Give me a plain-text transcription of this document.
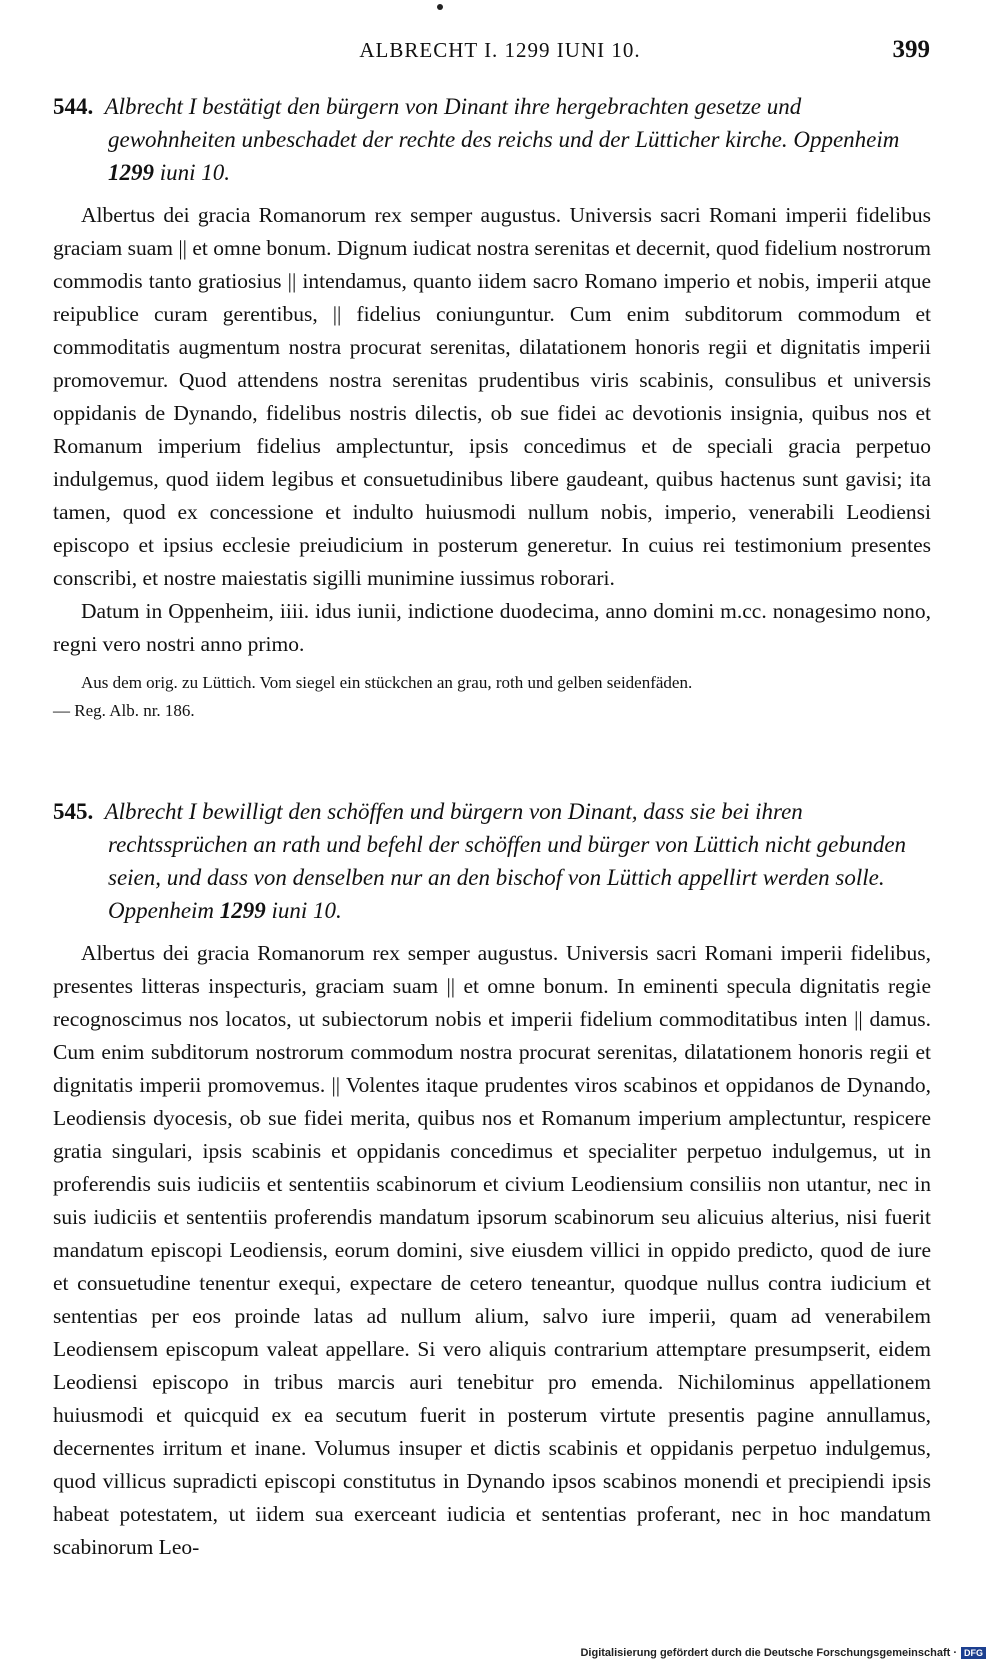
ALBRECHT I. 1299 IUNI 10.	399

544. Albrecht I bestätigt den bürgern von Dinant ihre hergebrachten gesetze und gewohnheiten unbeschadet der rechte des reichs und der Lütticher kirche. Oppenheim 1299 iuni 10.

Albertus dei gracia Romanorum rex semper augustus. Universis sacri Romani imperii fidelibus graciam suam || et omne bonum. Dignum iudicat nostra serenitas et decernit, quod fidelium nostrorum commodis tanto gratiosius || intendamus, quanto iidem sacro Romano imperio et nobis, imperii atque reipublice curam gerentibus, || fidelius coniunguntur. Cum enim subditorum commodum et commoditatis augmentum nostra procurat serenitas, dilatationem honoris regii et dignitatis imperii promovemur. Quod attendens nostra serenitas prudentibus viris scabinis, consulibus et universis oppidanis de Dynando, fidelibus nostris dilectis, ob sue fidei ac devotionis insignia, quibus nos et Romanum imperium fidelius amplectuntur, ipsis concedimus et de speciali gracia perpetuo indulgemus, quod iidem legibus et consuetudinibus libere gaudeant, quibus hactenus sunt gavisi; ita tamen, quod ex concessione et indulto huiusmodi nullum nobis, imperio, venerabili Leodiensi episcopo et ipsius ecclesie preiudicium in posterum generetur. In cuius rei testimonium presentes conscribi, et nostre maiestatis sigilli munimine iussimus roborari.

Datum in Oppenheim, iiii. idus iunii, indictione duodecima, anno domini m.cc. nonagesimo nono, regni vero nostri anno primo.

Aus dem orig. zu Lüttich. Vom siegel ein stückchen an grau, roth und gelben seidenfäden.

— Reg. Alb. nr. 186.

545. Albrecht I bewilligt den schöffen und bürgern von Dinant, dass sie bei ihren rechtssprüchen an rath und befehl der schöffen und bürger von Lüttich nicht gebunden seien, und dass von denselben nur an den bischof von Lüttich appellirt werden solle. Oppenheim 1299 iuni 10.

Albertus dei gracia Romanorum rex semper augustus. Universis sacri Romani imperii fidelibus, presentes litteras inspecturis, graciam suam || et omne bonum. In eminenti specula dignitatis regie recognoscimus nos locatos, ut subiectorum nobis et imperii fidelium commoditatibus inten || damus. Cum enim subditorum nostrorum commodum nostra procurat serenitas, dilatationem honoris regii et dignitatis imperii promovemus. || Volentes itaque prudentes viros scabinos et oppidanos de Dynando, Leodiensis dyocesis, ob sue fidei merita, quibus nos et Romanum imperium amplectuntur, respicere gratia singulari, ipsis scabinis et oppidanis concedimus et specialiter perpetuo indulgemus, ut in proferendis suis iudiciis et sententiis scabinorum et civium Leodiensium consiliis non utantur, nec in suis iudiciis et sententiis proferendis mandatum ipsorum scabinorum seu alicuius alterius, nisi fuerit mandatum episcopi Leodiensis, eorum domini, sive eiusdem villici in oppido predicto, quod de iure et consuetudine tenentur exequi, expectare de cetero teneantur, quodque nullus contra iudicium et sententias per eos proinde latas ad nullum alium, salvo iure imperii, quam ad venerabilem Leodiensem episcopum valeat appellare. Si vero aliquis contrarium attemptare presumpserit, eidem Leodiensi episcopo in tribus marcis auri tenebitur pro emenda. Nichilominus appellationem huiusmodi et quicquid ex ea secutum fuerit in posterum virtute presentis pagine annullamus, decernentes irritum et inane. Volumus insuper et dictis scabinis et oppidanis perpetuo indulgemus, quod villicus supradicti episcopi constitutus in Dynando ipsos scabinos monendi et precipiendi ipsis habeat potestatem, ut iidem sua exerceant iudicia et sententias proferant, nec in hoc mandatum scabinorum Leo-

Digitalisierung gefördert durch die Deutsche Forschungsgemeinschaft · DFG
